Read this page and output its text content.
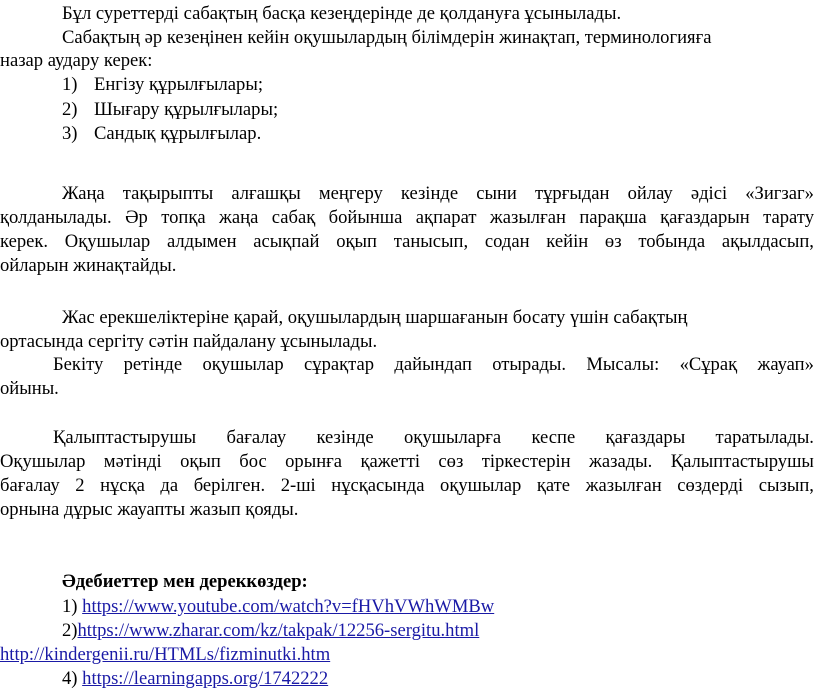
Бұл суреттерді сабақтың басқа кезеңдерінде де қолдануға ұсынылады.
Сабақтың әр кезеңінен кейін оқушылардың білімдерін жинақтап, терминологияға
назар аудару керек:
1) Енгізу құрылғылары;
2) Шығару құрылғылары;
3) Сандық құрылғылар.
Жаңа тақырыпты алғашқы меңгеру кезінде сыни тұрғыдан ойлау әдісі «Зигзаг»
қолданылады. Әр топқа жаңа сабақ бойынша ақпарат жазылған парақша қағаздарын тарату
керек. Оқушылар алдымен асықпай оқып танысып, содан кейін өз тобында ақылдасып,
ойларын жинақтайды.
Жас ерекшеліктеріне қарай, оқушылардың шаршағанын босату үшін сабақтың
ортасында сергіту сәтін пайдалану ұсынылады.
Бекіту ретінде оқушылар сұрақтар дайындап отырады. Мысалы: «Сұрақ жауап»
ойыны.
Қалыптастырушы бағалау кезінде оқушыларға кеспе қағаздары таратылады.
Оқушылар мәтінді оқып бос орынға қажетті сөз тіркестерін жазады. Қалыптастырушы
бағалау 2 нұсқа да берілген. 2-ші нұсқасында оқушылар қате жазылған сөздерді сызып,
орнына дұрыс жауапты жазып қояды.
Әдебиеттер мен дереккөздер:
1) https://www.youtube.com/watch?v=fHVhVWhWMBw
2)https://www.zharar.com/kz/takpak/12256-sergitu.html
http://kindergenii.ru/HTMLs/fizminutki.htm
4) https://learningapps.org/1742222
